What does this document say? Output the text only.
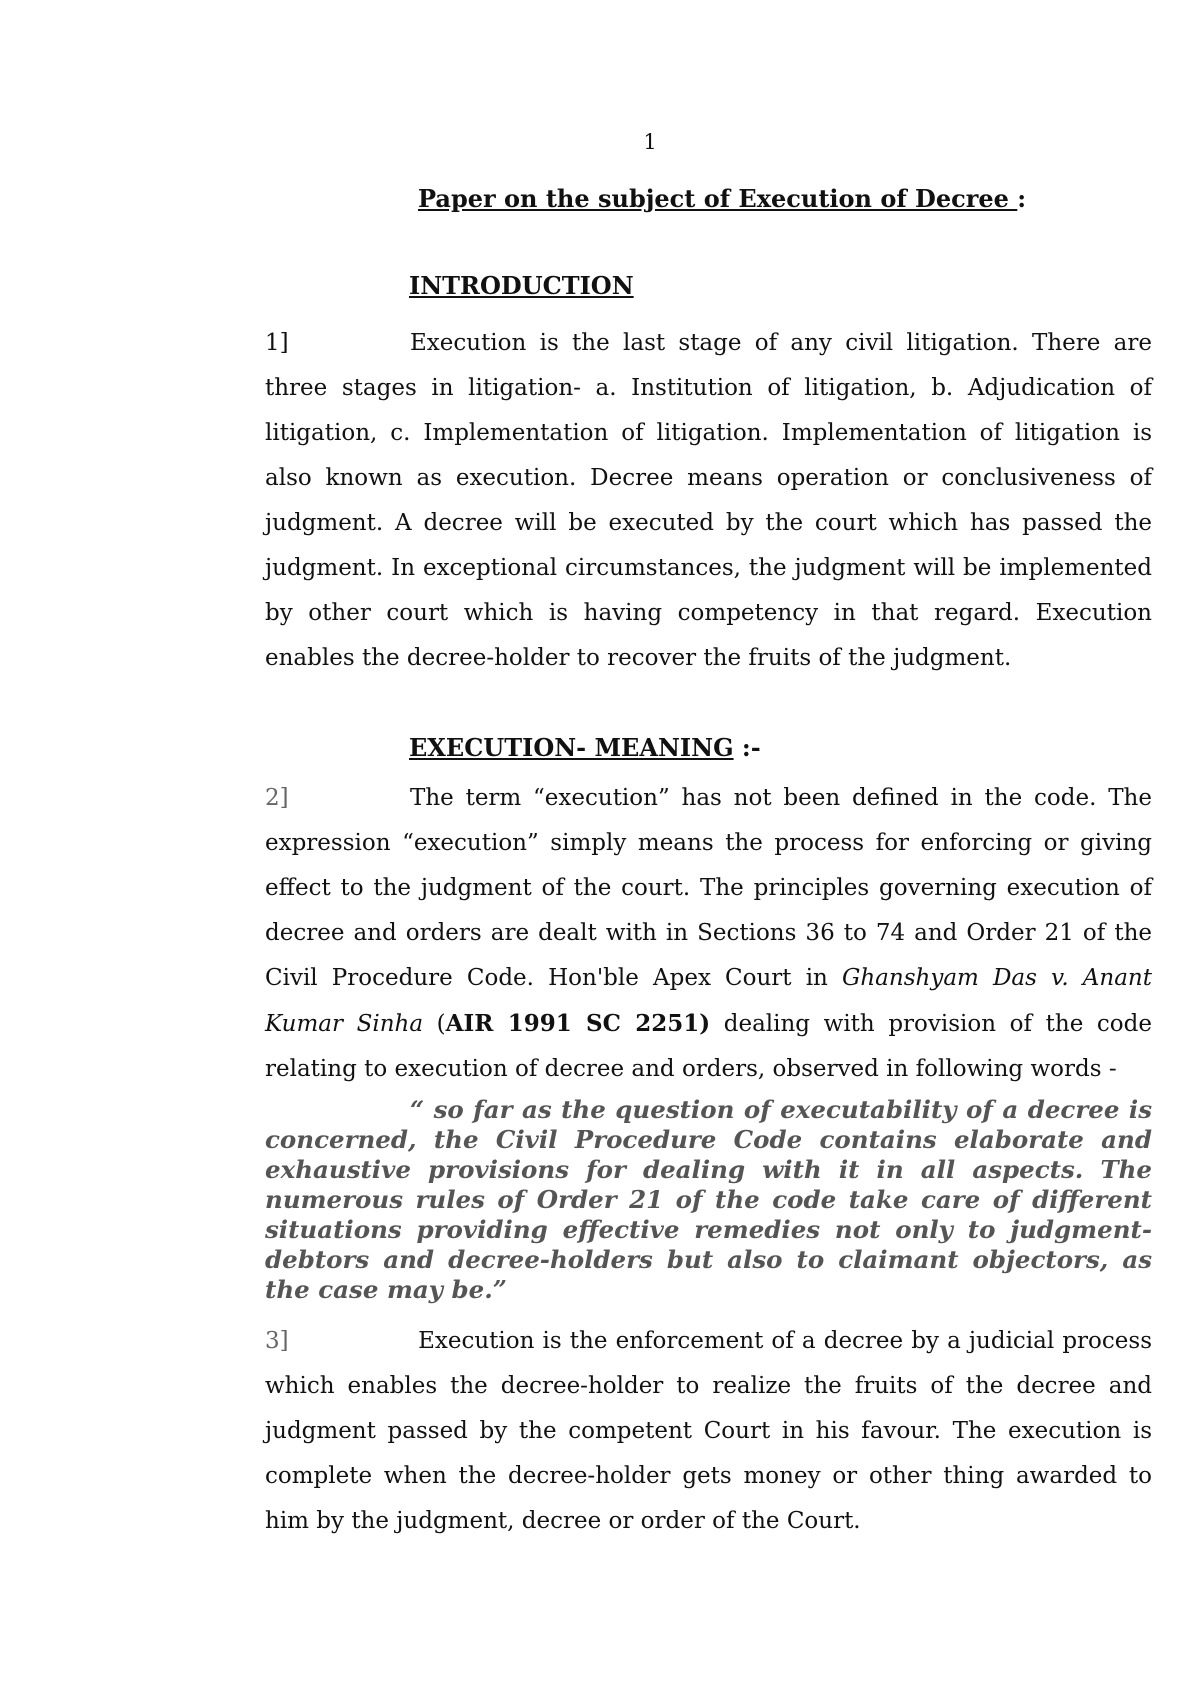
1
Paper on the subject of Execution of Decree :
INTRODUCTION
1]	Execution is the last stage of any civil litigation. There are three stages in litigation- a. Institution of litigation, b. Adjudication of litigation, c. Implementation of litigation. Implementation of litigation is also known as execution. Decree means operation or conclusiveness of judgment. A decree will be executed by the court which has passed the judgment. In exceptional circumstances, the judgment will be implemented by other court which is having competency in that regard. Execution enables the decree-holder to recover the fruits of the judgment.
EXECUTION- MEANING :-
2]	The term “execution” has not been defined in the code. The expression “execution” simply means the process for enforcing or giving effect to the judgment of the court. The principles governing execution of decree and orders are dealt with in Sections 36 to 74 and Order 21 of the Civil Procedure Code. Hon'ble Apex Court in Ghanshyam Das v. Anant Kumar Sinha (AIR 1991 SC 2251) dealing with provision of the code relating to execution of decree and orders, observed in following words -
“ so far as the question of executability of a decree is concerned, the Civil Procedure Code contains elaborate and exhaustive provisions for dealing with it in all aspects. The numerous rules of Order 21 of the code take care of different situations providing effective remedies not only to judgment-debtors and decree-holders but also to claimant objectors, as the case may be.”
3]	Execution is the enforcement of a decree by a judicial process which enables the decree-holder to realize the fruits of the decree and judgment passed by the competent Court in his favour. The execution is complete when the decree-holder gets money or other thing awarded to him by the judgment, decree or order of the Court.
